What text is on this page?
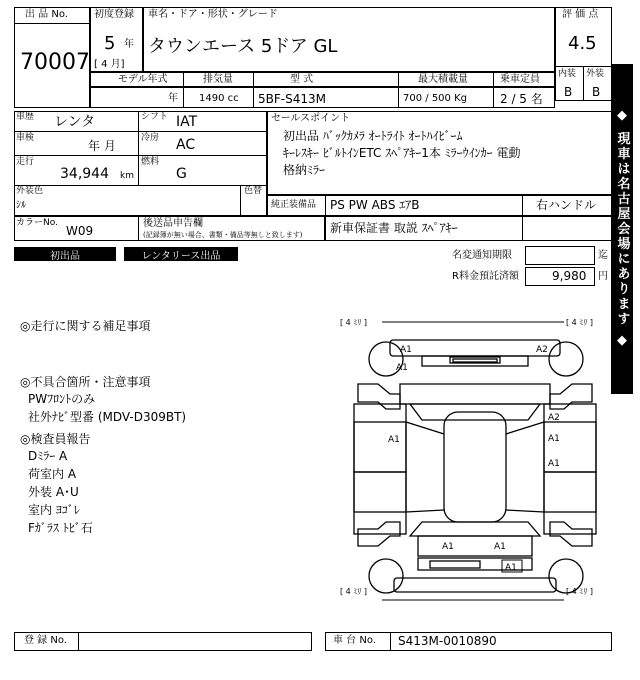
出 品 No.
70007
初度登録
5 年
[ 4 月]
車名・ドア・形状・グレード
タウンエース 5ドア GL
評 価 点
4.5
内装 外装
B B
モデル年式	排気量	型 式	最大積載量	乗車定員
年 1490 cc 5BF-S413M	700 / 500 Kg	2 / 5 名
車歴 レンタ	シフト IAT
車検
年 月
冷房 AC
走行
34,944 km
燃料
G
外装色
ｼﾙ
色替
カラーNo.
W09
後送品申告欄
(記録簿が無い場合、書類・備品等無しと致します)
セールスポイント
初出品 ﾊﾞｯｸｶﾒﾗ ｵｰﾄﾗｲﾄ ｵｰﾄﾊｲﾋﾞｰﾑ
ｷｰﾚｽｷｰ ﾋﾞﾙﾄｲﾝETC ｽﾍﾟｱｷｰ1本 ﾐﾗｰｳｲﾝｶｰ 電動
格納ﾐﾗｰ
純正装備品 PS PW ABS ｴｱB	右ハンドル
新車保証書 取説 ｽﾍﾟｱｷｰ
初出品	レンタリース出品	名変通知期限	迄
R料金預託済額	9,980 円
◎走行に関する補足事項
◎不具合箇所・注意事項
PWﾌﾛﾝﾄのみ
社外ﾅﾋﾞ型番 (MDV-D309BT)
◎検査員報告
Dﾐﾗｰ A
荷室内 A
外装 A･U
室内 ﾖｺﾞﾚ
Fｶﾞﾗｽ ﾄﾋﾞ石
[ 4 ﾐﾘ ]	[ 4 ﾐﾘ ]
A1	A2
A1
A1
A2
A1
A1
A1	A1
A1
[ 4 ﾐﾘ ]	[ 4 ﾐﾘ ]
◆ 現車は名古屋会場にあります ◆
登 録 No.	車 台 No. S413M-0010890
